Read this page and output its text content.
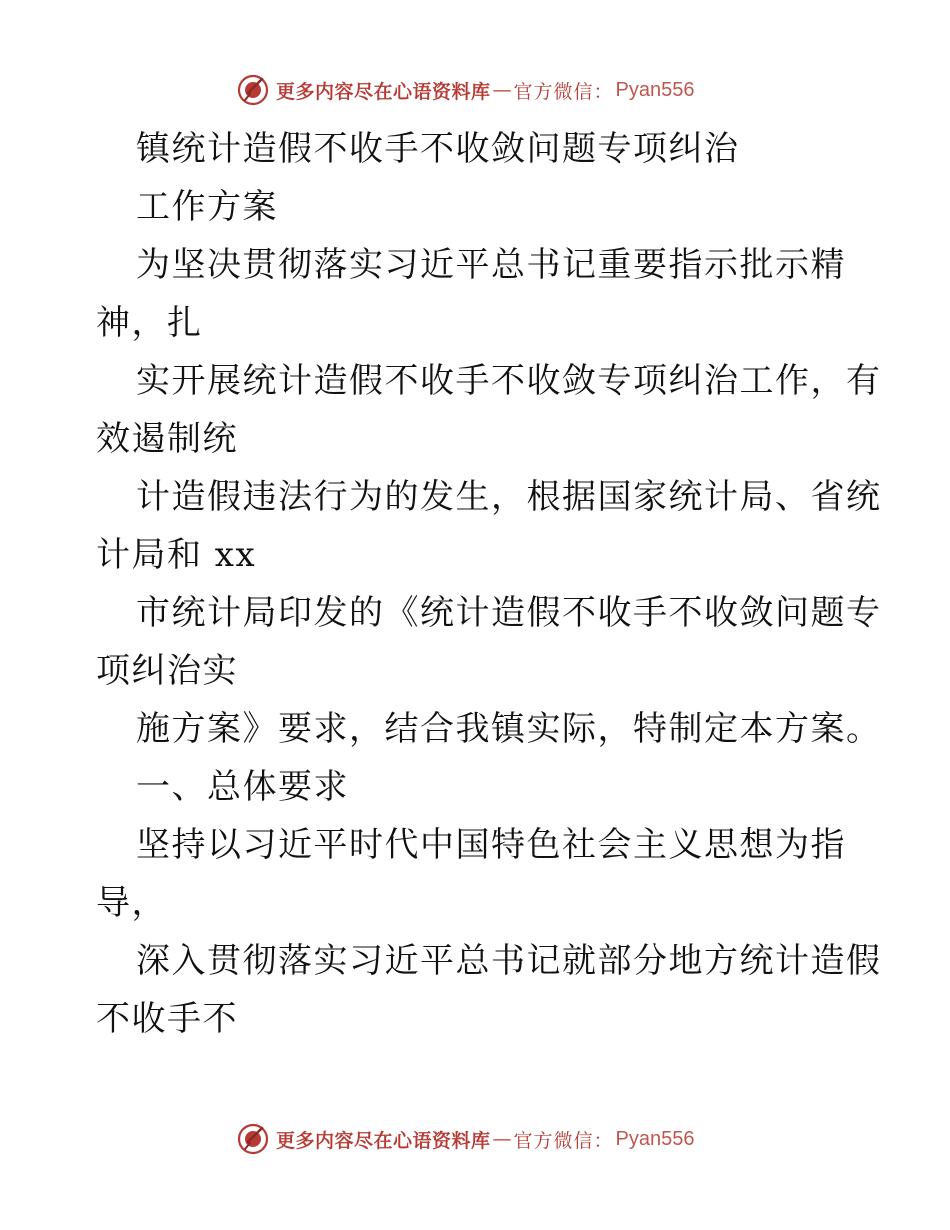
更多内容尽在心语资料库 — 官方微信： Pyan556
镇统计造假不收手不收敛问题专项纠治
工作方案
为坚决贯彻落实习近平总书记重要指示批示精
神，扎
实开展统计造假不收手不收敛专项纠治工作，有
效遏制统
计造假违法行为的发生，根据国家统计局、省统
计局和 xx
市统计局印发的《统计造假不收手不收敛问题专
项纠治实
施方案》要求，结合我镇实际，特制定本方案。
一、总体要求
坚持以习近平时代中国特色社会主义思想为指
导，
深入贯彻落实习近平总书记就部分地方统计造假
不收手不
更多内容尽在心语资料库 — 官方微信： Pyan556
